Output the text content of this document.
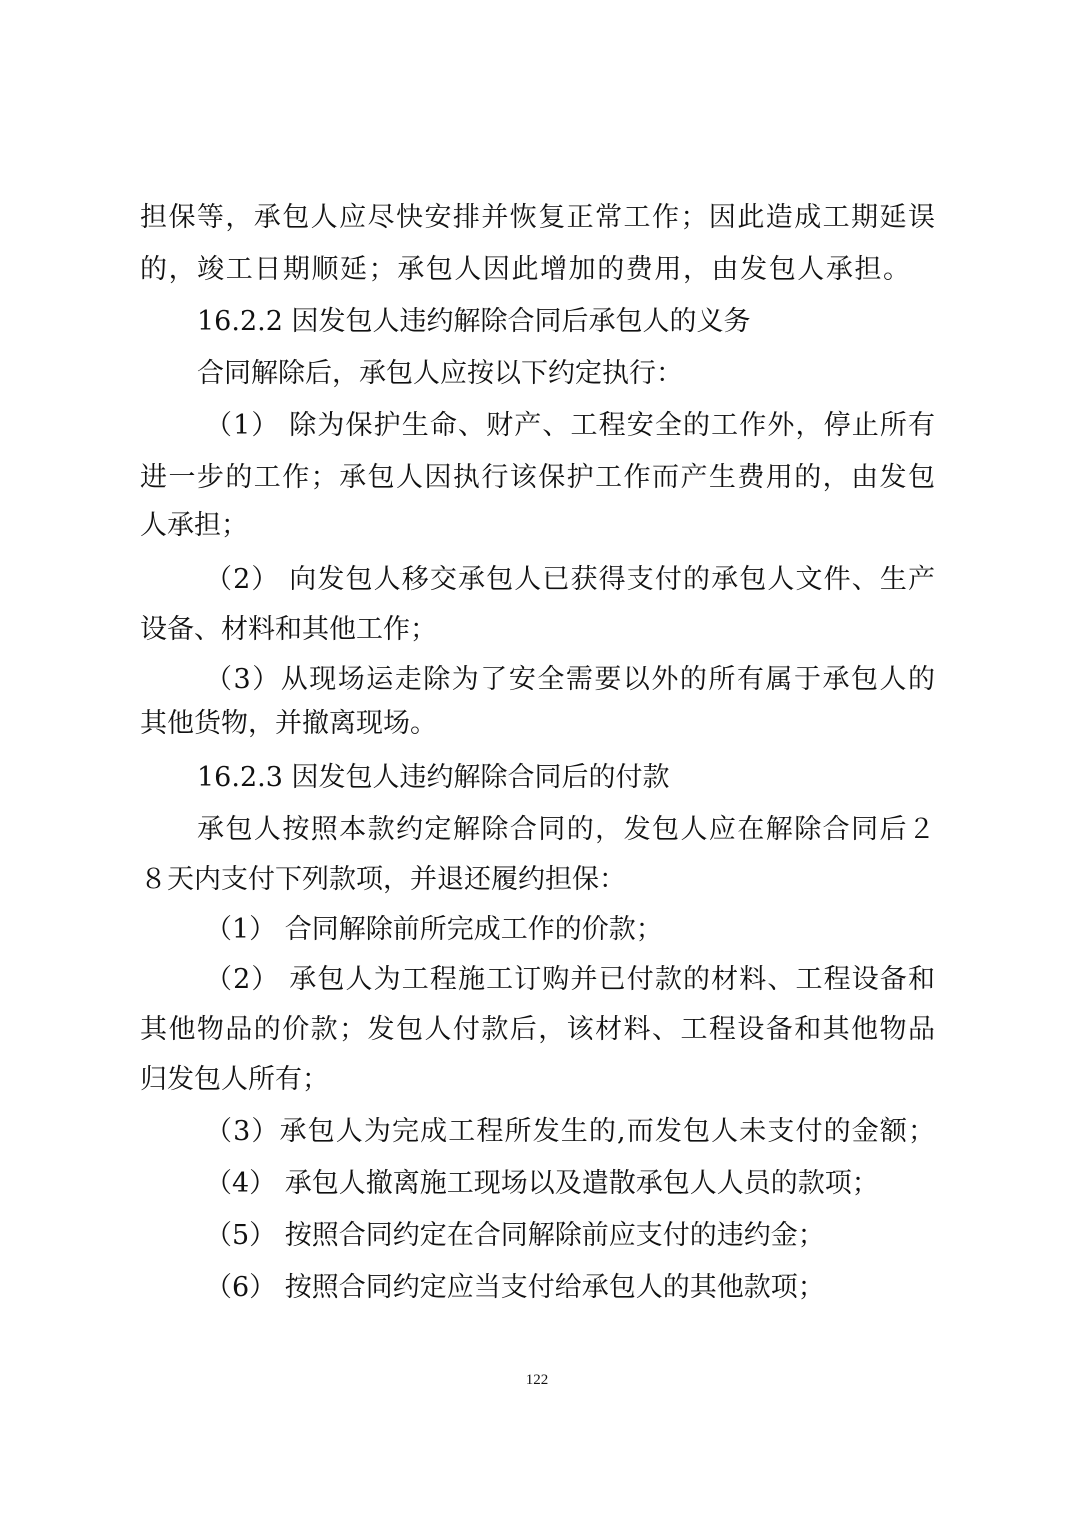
担保等，承包人应尽快安排并恢复正常工作；因此造成工期延误
的，竣工日期顺延；承包人因此增加的费用，由发包人承担。
16.2.2 因发包人违约解除合同后承包人的义务
合同解除后，承包人应按以下约定执行：
（1） 除为保护生命、财产、工程安全的工作外，停止所有
进一步的工作；承包人因执行该保护工作而产生费用的，由发包
人承担；
（2） 向发包人移交承包人已获得支付的承包人文件、生产
设备、材料和其他工作；
（3）从现场运走除为了安全需要以外的所有属于承包人的
其他货物，并撤离现场。
16.2.3 因发包人违约解除合同后的付款
承包人按照本款约定解除合同的，发包人应在解除合同后２
８天内支付下列款项，并退还履约担保：
（1） 合同解除前所完成工作的价款；
（2） 承包人为工程施工订购并已付款的材料、工程设备和
其他物品的价款；发包人付款后，该材料、工程设备和其他物品
归发包人所有；
（3）承包人为完成工程所发生的,而发包人未支付的金额；
（4） 承包人撤离施工现场以及遣散承包人人员的款项；
（5） 按照合同约定在合同解除前应支付的违约金；
（6） 按照合同约定应当支付给承包人的其他款项；
122
